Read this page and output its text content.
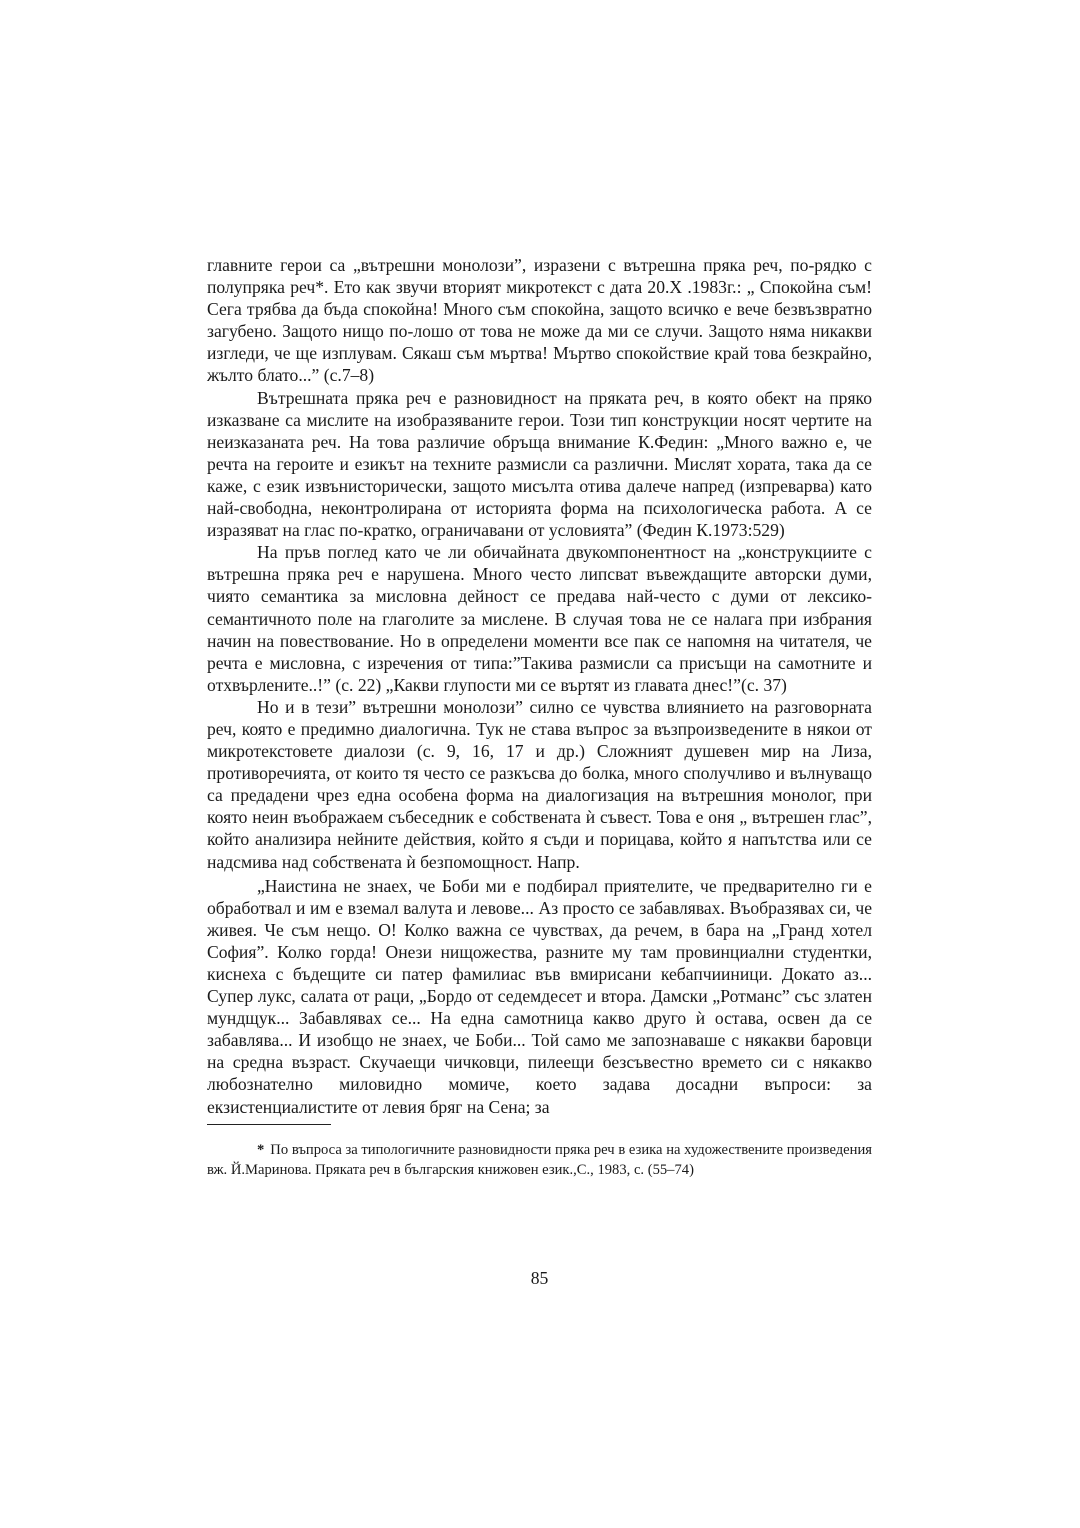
главните герои са „вътрешни монолози”, изразени с вътрешна пряка реч, по-рядко с полупряка реч*. Ето как звучи вторият микротекст с дата 20.X .1983г.: „ Спокойна съм! Сега трябва да бъда спокойна! Много съм спокойна, защото всичко е вече безвъзвратно загубено. Защото нищо по-лошо от това не може да ми се случи. Защото няма никакви изгледи, че ще изплувам. Сякаш съм мъртва! Мъртво спокойствие край това безкрайно, жълто блато...” (с.7–8)

Вътрешната пряка реч е разновидност на пряката реч, в която обект на пряко изказване са мислите на изобразяваните герои. Този тип конструкции носят чертите на неизказаната реч. На това различие обръща внимание К.Федин: „Много важно е, че речта на героите и езикът на техните размисли са различни. Мислят хората, така да се каже, с език извънисторически, защото мисълта отива далече напред (изпреварва) като най-свободна, неконтролирана от историята форма на психологическа работа. А се изразяват на глас по-кратко, ограничавани от условията” (Федин К.1973:529)

На пръв поглед като че ли обичайната двукомпонентност на „конструкциите с вътрешна пряка реч е нарушена. Много често липсват въвеждащите авторски думи, чиято семантика за мисловна дейност се предава най-често с думи от лексико-семантичното поле на глаголите за мислене. В случая това не се налага при избрания начин на повествование. Но в определени моменти все пак се напомня на читателя, че речта е мисловна, с изречения от типа:”Такива размисли са присъщи на самотните и отхвърлените..!” (с. 22) „Какви глупости ми се въртят из главата днес!”(с. 37)

Но и в тези” вътрешни монолози” силно се чувства влиянието на разговорната реч, която е предимно диалогична. Тук не става въпрос за възпроизведените в някои от микротекстовете диалози (с. 9, 16, 17 и др.) Сложният душевен мир на Лиза, противоречията, от които тя често се разкъсва до болка, много сполучливо и вълнуващо са предадени чрез една особена форма на диалогизация на вътрешния монолог, при която неин въображаем събеседник е собствената ѝ съвест. Това е оня „ вътрешен глас”, който анализира нейните действия, който я съди и порицава, който я напътства или се надсмива над собствената ѝ безпомощност. Напр.

„Наистина не знаех, че Боби ми е подбирал приятелите, че предварително ги е обработвал и им е вземал валута и левове... Аз просто се забавлявах. Въобразявах си, че живея. Че съм нещо. О! Колко важна се чувствах, да речем, в бара на „Гранд хотел София”. Колко горда! Онези нищожества, разните му там провинциални студентки, киснеха с бъдещите си патер фамилиас във вмирисани кебапчииници. Докато аз... Супер лукс, салата от раци, „Бордо от седемдесет и втора. Дамски „Ротманс” със златен мундщук... Забавлявах се... На една самотница какво друго ѝ остава, освен да се забавлява... И изобщо не знаех, че Боби... Той само ме запознаваше с някакви баровци на средна възраст. Скучаещи чичковци, пилеещи безсъвестно времето си с някакво любознателно миловидно момиче, което задава досадни въпроси: за екзистенциалистите от левия бряг на Сена; за

* По въпроса за типологичните разновидности пряка реч в езика на художествените произведения вж. Й.Маринова. Пряката реч в българския книжовен език.,С., 1983, с. (55–74)

85
